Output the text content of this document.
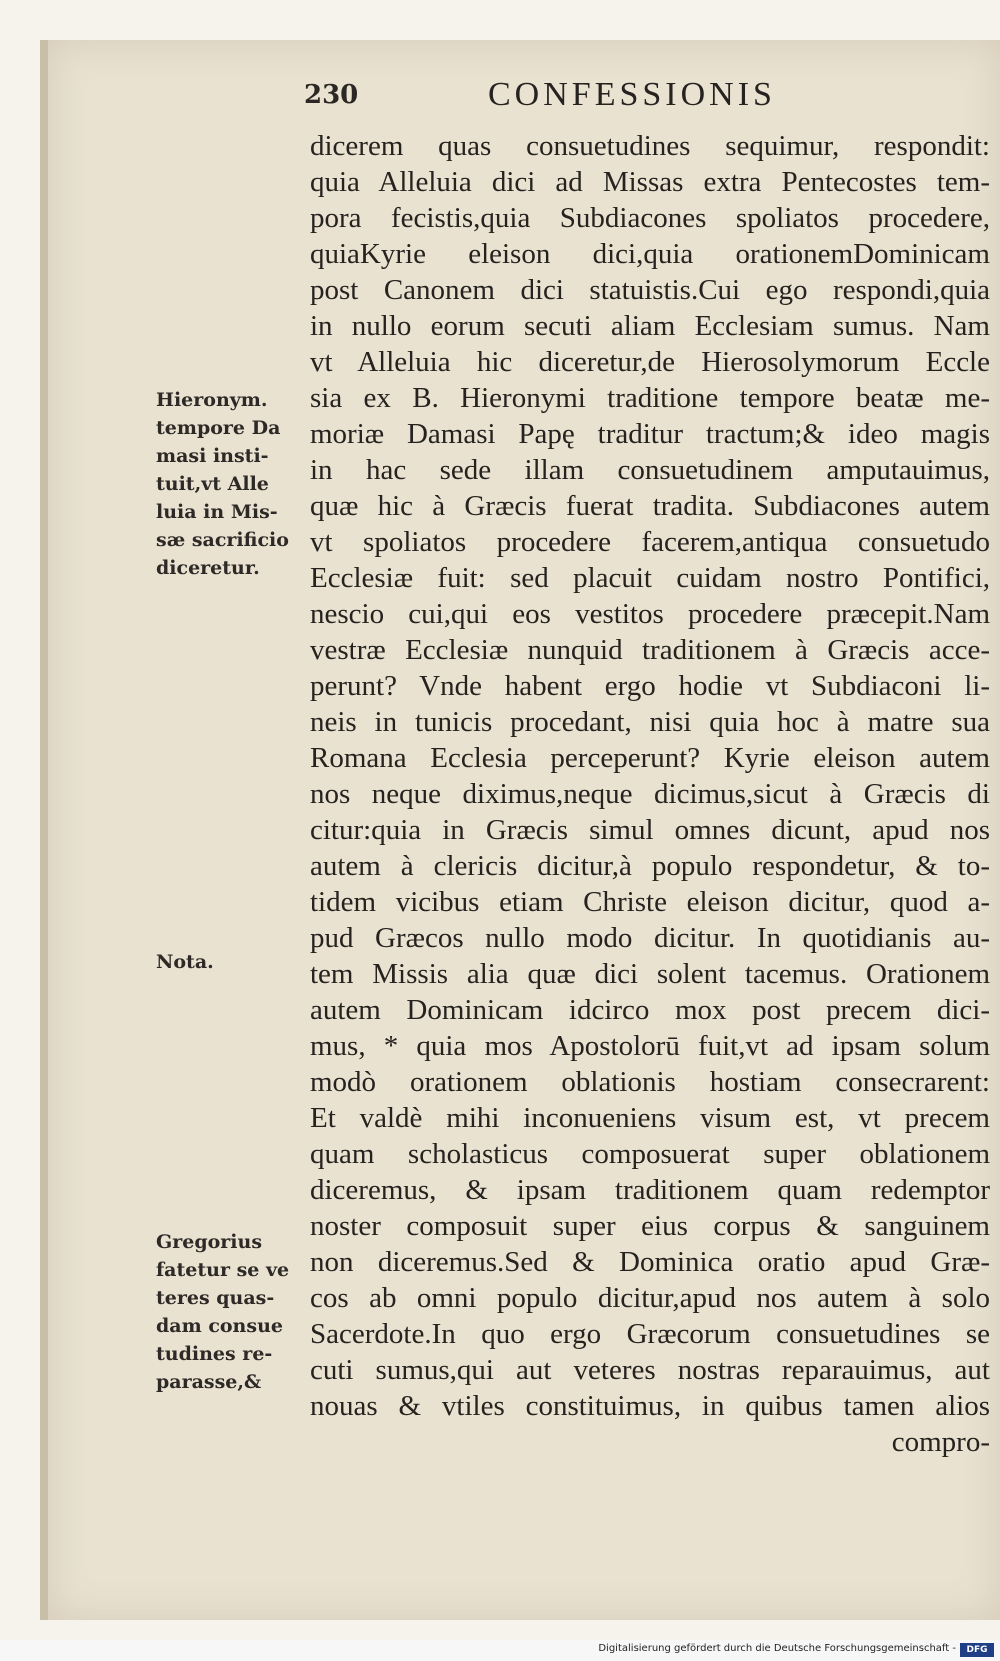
230	CONFESSIONIS
dicerem quas consuetudines sequimur, respondit:
quia Alleluia dici ad Missas extra Pentecostes tem-
pora fecistis,quia Subdiacones spoliatos procedere,
quiaKyrie eleison dici,quia orationemDominicam
post Canonem dici statuistis.Cui ego respondi,quia
in nullo eorum secuti aliam Ecclesiam sumus. Nam
vt Alleluia hic diceretur,de Hierosolymorum Eccle
sia ex B. Hieronymi traditione tempore beatæ me-
moriæ Damasi Papę traditur tractum;& ideo magis
in hac sede illam consuetudinem amputauimus,
quæ hic à Græcis fuerat tradita. Subdiacones autem
vt spoliatos procedere facerem,antiqua consuetudo
Ecclesiæ fuit: sed placuit cuidam nostro Pontifici,
nescio cui,qui eos vestitos procedere præcepit.Nam
vestræ Ecclesiæ nunquid traditionem à Græcis acce-
perunt? Vnde habent ergo hodie vt Subdiaconi li-
neis in tunicis procedant, nisi quia hoc à matre sua
Romana Ecclesia perceperunt? Kyrie eleison autem
nos neque diximus,neque dicimus,sicut à Græcis di
citur:quia in Græcis simul omnes dicunt, apud nos
autem à clericis dicitur,à populo respondetur, & to-
tidem vicibus etiam Christe eleison dicitur, quod a-
pud Græcos nullo modo dicitur. In quotidianis au-
tem Missis alia quæ dici solent tacemus. Orationem
autem Dominicam idcirco mox post precem dici-
mus, * quia mos Apostolorū fuit,vt ad ipsam solum
modò orationem oblationis hostiam consecrarent:
Et valdè mihi inconueniens visum est, vt precem
quam scholasticus composuerat super oblationem
diceremus, & ipsam traditionem quam redemptor
noster composuit super eius corpus & sanguinem
non diceremus.Sed & Dominica oratio apud Græ-
cos ab omni populo dicitur,apud nos autem à solo
Sacerdote.In quo ergo Græcorum consuetudines se
cuti sumus,qui aut veteres nostras reparauimus, aut
nouas & vtiles constituimus, in quibus tamen alios
compro-
Hieronym.
tempore Da
masi insti-
tuit,vt Alle
luia in Mis-
sæ sacrificio
diceretur.
Nota.
Gregorius
fatetur se ve
teres quas-
dam consue
tudines re-
parasse,&
Digitalisierung gefördert durch die Deutsche Forschungsgemeinschaft -	DFG
